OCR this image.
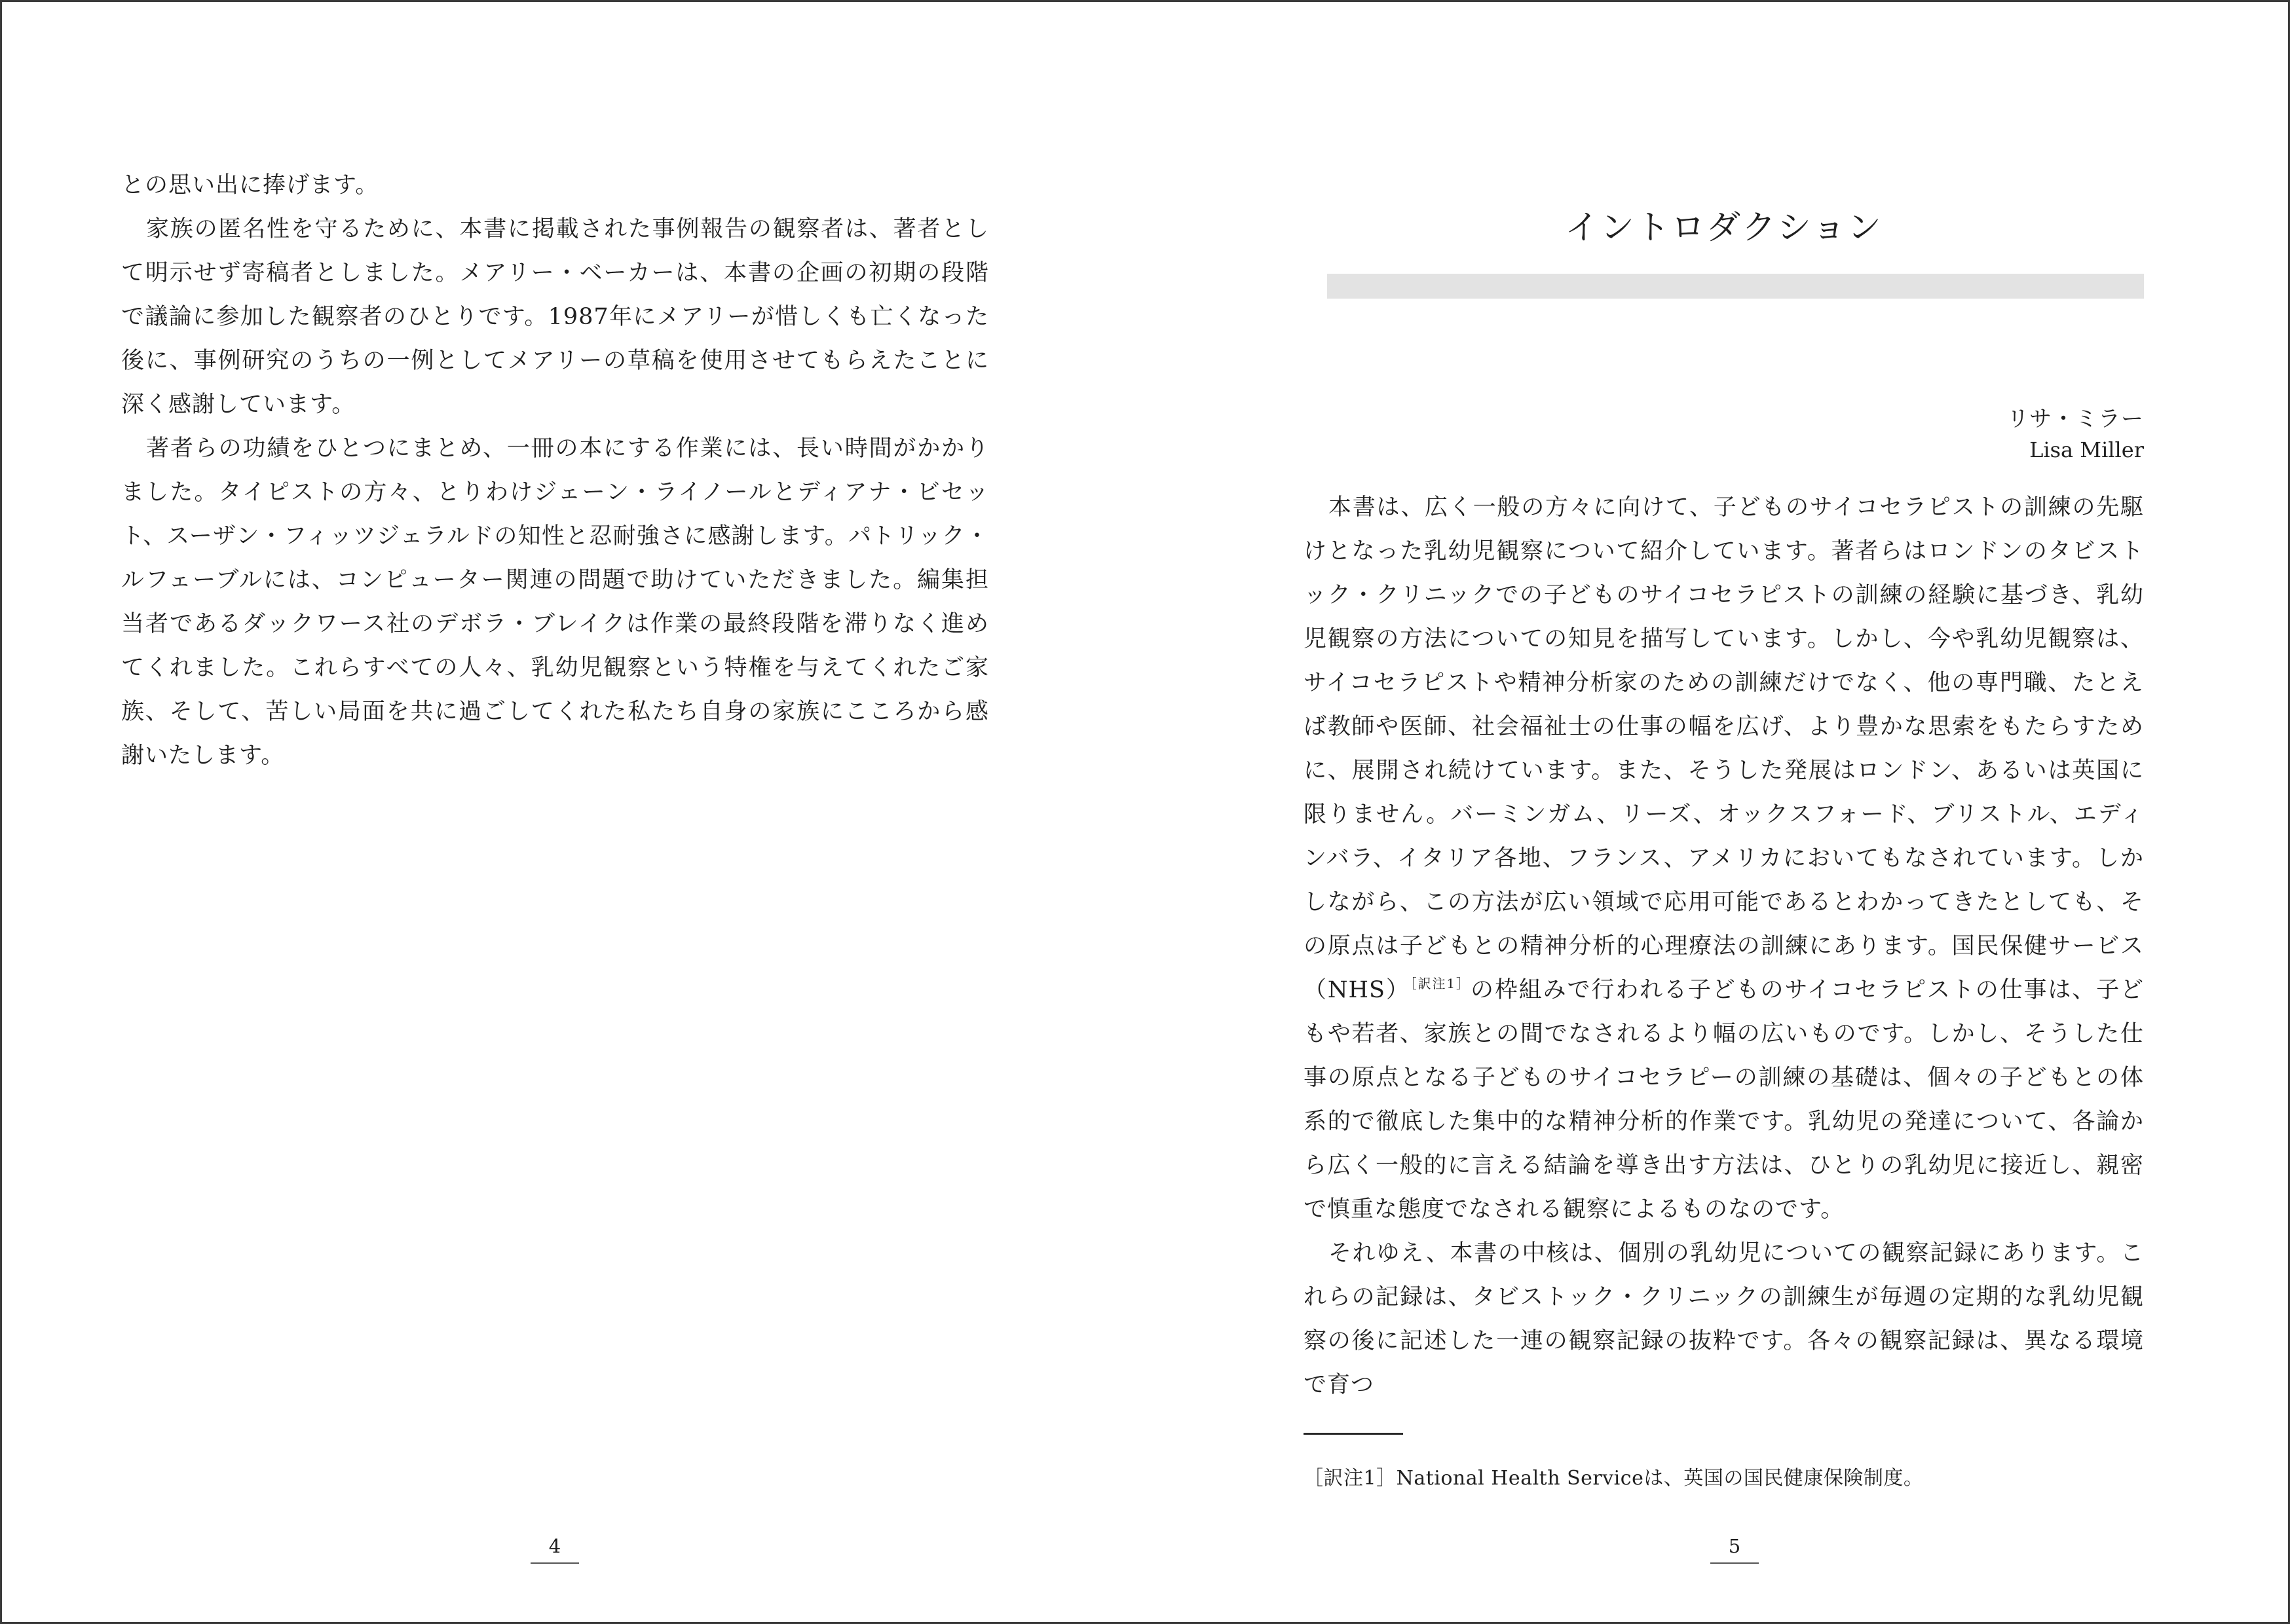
との思い出に捧げます。

家族の匿名性を守るために、本書に掲載された事例報告の観察者は、著者として明示せず寄稿者としました。メアリー・ベーカーは、本書の企画の初期の段階で議論に参加した観察者のひとりです。1987年にメアリーが惜しくも亡くなった後に、事例研究のうちの一例としてメアリーの草稿を使用させてもらえたことに深く感謝しています。

著者らの功績をひとつにまとめ、一冊の本にする作業には、長い時間がかかりました。タイピストの方々、とりわけジェーン・ライノールとディアナ・ビセット、スーザン・フィッツジェラルドの知性と忍耐強さに感謝します。パトリック・ルフェーブルには、コンピューター関連の問題で助けていただきました。編集担当者であるダックワース社のデボラ・ブレイクは作業の最終段階を滞りなく進めてくれました。これらすべての人々、乳幼児観察という特権を与えてくれたご家族、そして、苦しい局面を共に過ごしてくれた私たち自身の家族にこころから感謝いたします。

4
イントロダクション
リサ・ミラー
Lisa Miller

本書は、広く一般の方々に向けて、子どものサイコセラピストの訓練の先駆けとなった乳幼児観察について紹介しています。著者らはロンドンのタビストック・クリニックでの子どものサイコセラピストの訓練の経験に基づき、乳幼児観察の方法についての知見を描写しています。しかし、今や乳幼児観察は、サイコセラピストや精神分析家のための訓練だけでなく、他の専門職、たとえば教師や医師、社会福祉士の仕事の幅を広げ、より豊かな思索をもたらすために、展開され続けています。また、そうした発展はロンドン、あるいは英国に限りません。バーミンガム、リーズ、オックスフォード、ブリストル、エディンバラ、イタリア各地、フランス、アメリカにおいてもなされています。しかしながら、この方法が広い領域で応用可能であるとわかってきたとしても、その原点は子どもとの精神分析的心理療法の訓練にあります。国民保健サービス（NHS）$^{[訳注1]}$の枠組みで行われる子どものサイコセラピストの仕事は、子どもや若者、家族との間でなされるより幅の広いものです。しかし、そうした仕事の原点となる子どものサイコセラピーの訓練の基礎は、個々の子どもとの体系的で徹底した集中的な精神分析的作業です。乳幼児の発達について、各論から広く一般的に言える結論を導き出す方法は、ひとりの乳幼児に接近し、親密で慎重な態度でなされる観察によるものなのです。

それゆえ、本書の中核は、個別の乳幼児についての観察記録にあります。これらの記録は、タビストック・クリニックの訓練生が毎週の定期的な乳幼児観察の後に記述した一連の観察記録の抜粋です。各々の観察記録は、異なる環境で育つ

［訳注1］National Health Serviceは、英国の国民健康保険制度。
5
